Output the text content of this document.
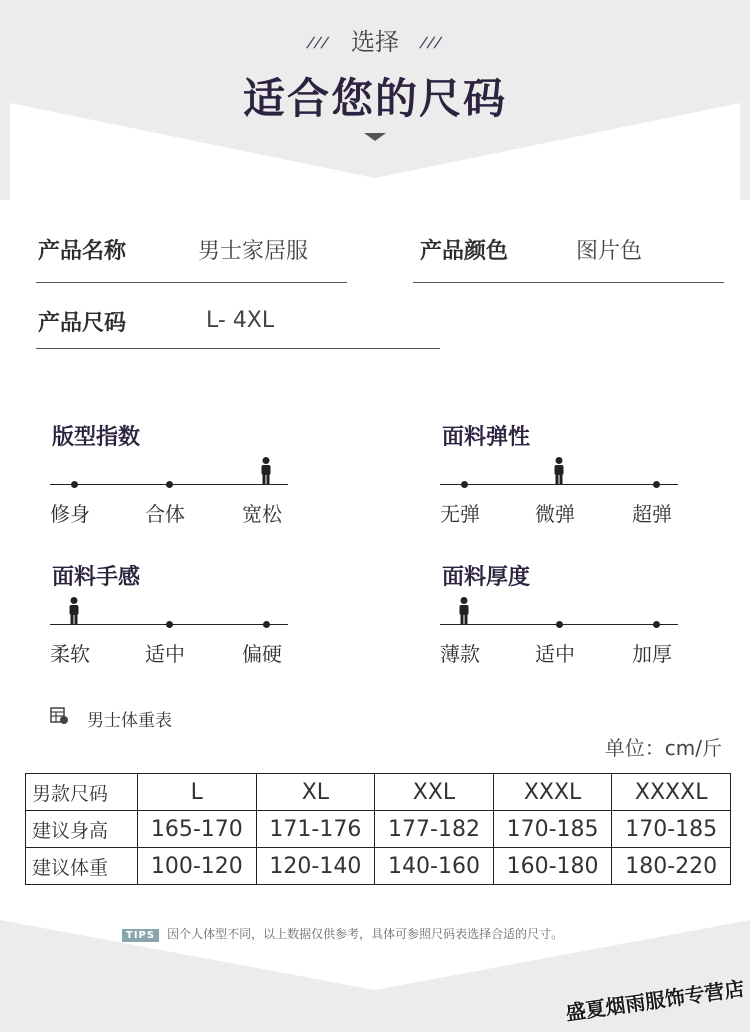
/// 选择 ///
适合您的尺码
产品名称	男士家居服	产品颜色	图片色
产品尺码	L- 4XL
版型指数
修身	合体	宽松
面料弹性
无弹	微弹	超弹
面料手感
柔软	适中	偏硬
面料厚度
薄款	适中	加厚
男士体重表
单位：cm/斤
男款尺码	L	XL	XXL	XXXL	XXXXL
建议身高	165-170	171-176	177-182	170-185	170-185
建议体重	100-120	120-140	140-160	160-180	180-220
TIPS 因个人体型不同，以上数据仅供参考，具体可参照尺码表选择合适的尺寸。
盛夏烟雨服饰专营店
